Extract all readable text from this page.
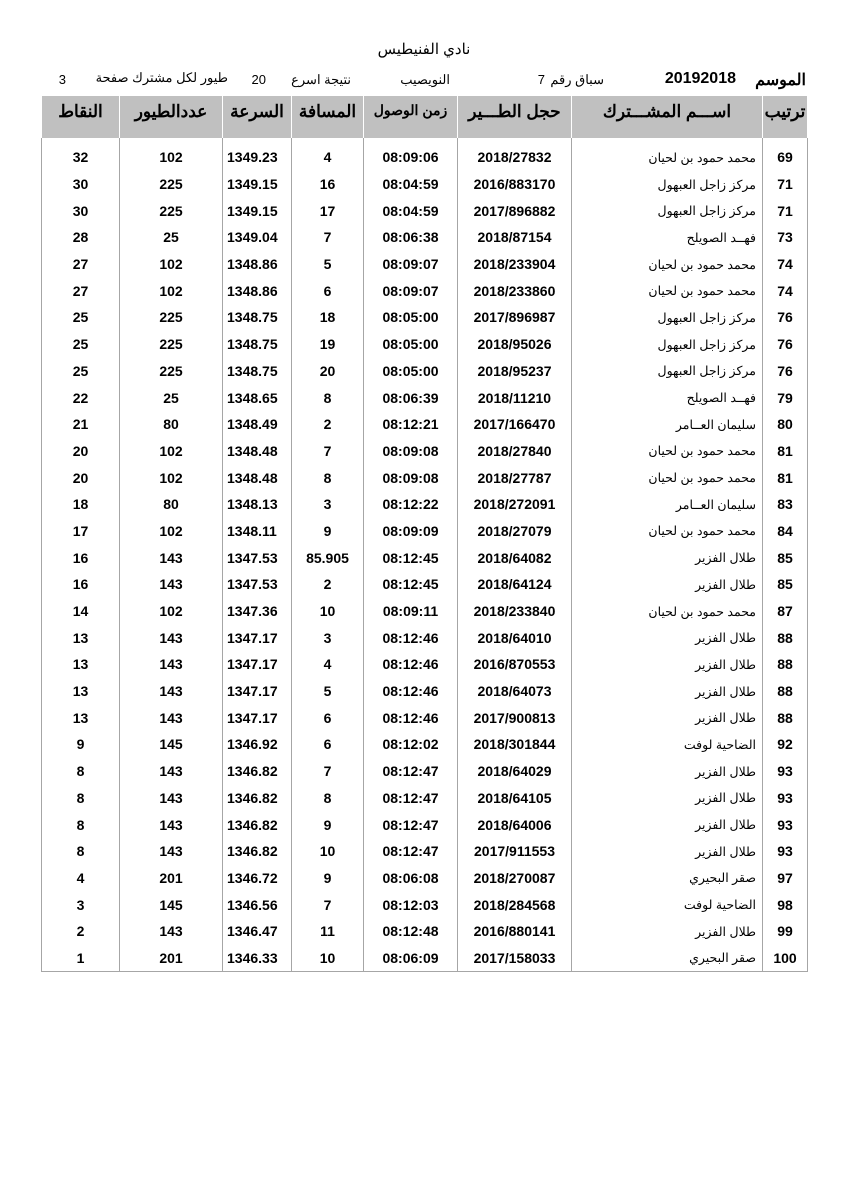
نادي الفنيطيس
الموسم
20192018
سباق رقم
7
النويصيب
نتيجة اسرع
20
طيور لكل مشترك صفحة
3
ترتيب	اســـم المشـــترك	حجل الطـــير	زمن الوصول	المسافة	السرعة	عددالطيور	النقاط

69	محمد حمود بن لحيان	2018/27832	08:09:06	4	1349.23	102	32
71	مركز زاجل العبهول	2016/883170	08:04:59	16	1349.15	225	30
71	مركز زاجل العبهول	2017/896882	08:04:59	17	1349.15	225	30
73	فهــد الصويلح	2018/87154	08:06:38	7	1349.04	25	28
74	محمد حمود بن لحيان	2018/233904	08:09:07	5	1348.86	102	27
74	محمد حمود بن لحيان	2018/233860	08:09:07	6	1348.86	102	27
76	مركز زاجل العبهول	2017/896987	08:05:00	18	1348.75	225	25
76	مركز زاجل العبهول	2018/95026	08:05:00	19	1348.75	225	25
76	مركز زاجل العبهول	2018/95237	08:05:00	20	1348.75	225	25
79	فهــد الصويلح	2018/11210	08:06:39	8	1348.65	25	22
80	سليمان العــامر	2017/166470	08:12:21	2	1348.49	80	21
81	محمد حمود بن لحيان	2018/27840	08:09:08	7	1348.48	102	20
81	محمد حمود بن لحيان	2018/27787	08:09:08	8	1348.48	102	20
83	سليمان العــامر	2018/272091	08:12:22	3	1348.13	80	18
84	محمد حمود بن لحيان	2018/27079	08:09:09	9	1348.11	102	17
85	طلال الفزير	2018/64082	08:12:45	85.905	1347.53	143	16
85	طلال الفزير	2018/64124	08:12:45	2	1347.53	143	16
87	محمد حمود بن لحيان	2018/233840	08:09:11	10	1347.36	102	14
88	طلال الفزير	2018/64010	08:12:46	3	1347.17	143	13
88	طلال الفزير	2016/870553	08:12:46	4	1347.17	143	13
88	طلال الفزير	2018/64073	08:12:46	5	1347.17	143	13
88	طلال الفزير	2017/900813	08:12:46	6	1347.17	143	13
92	الضاحية لوفت	2018/301844	08:12:02	6	1346.92	145	9
93	طلال الفزير	2018/64029	08:12:47	7	1346.82	143	8
93	طلال الفزير	2018/64105	08:12:47	8	1346.82	143	8
93	طلال الفزير	2018/64006	08:12:47	9	1346.82	143	8
93	طلال الفزير	2017/911553	08:12:47	10	1346.82	143	8
97	صقر البحيري	2018/270087	08:06:08	9	1346.72	201	4
98	الضاحية لوفت	2018/284568	08:12:03	7	1346.56	145	3
99	طلال الفزير	2016/880141	08:12:48	11	1346.47	143	2
100	صقر البحيري	2017/158033	08:06:09	10	1346.33	201	1
